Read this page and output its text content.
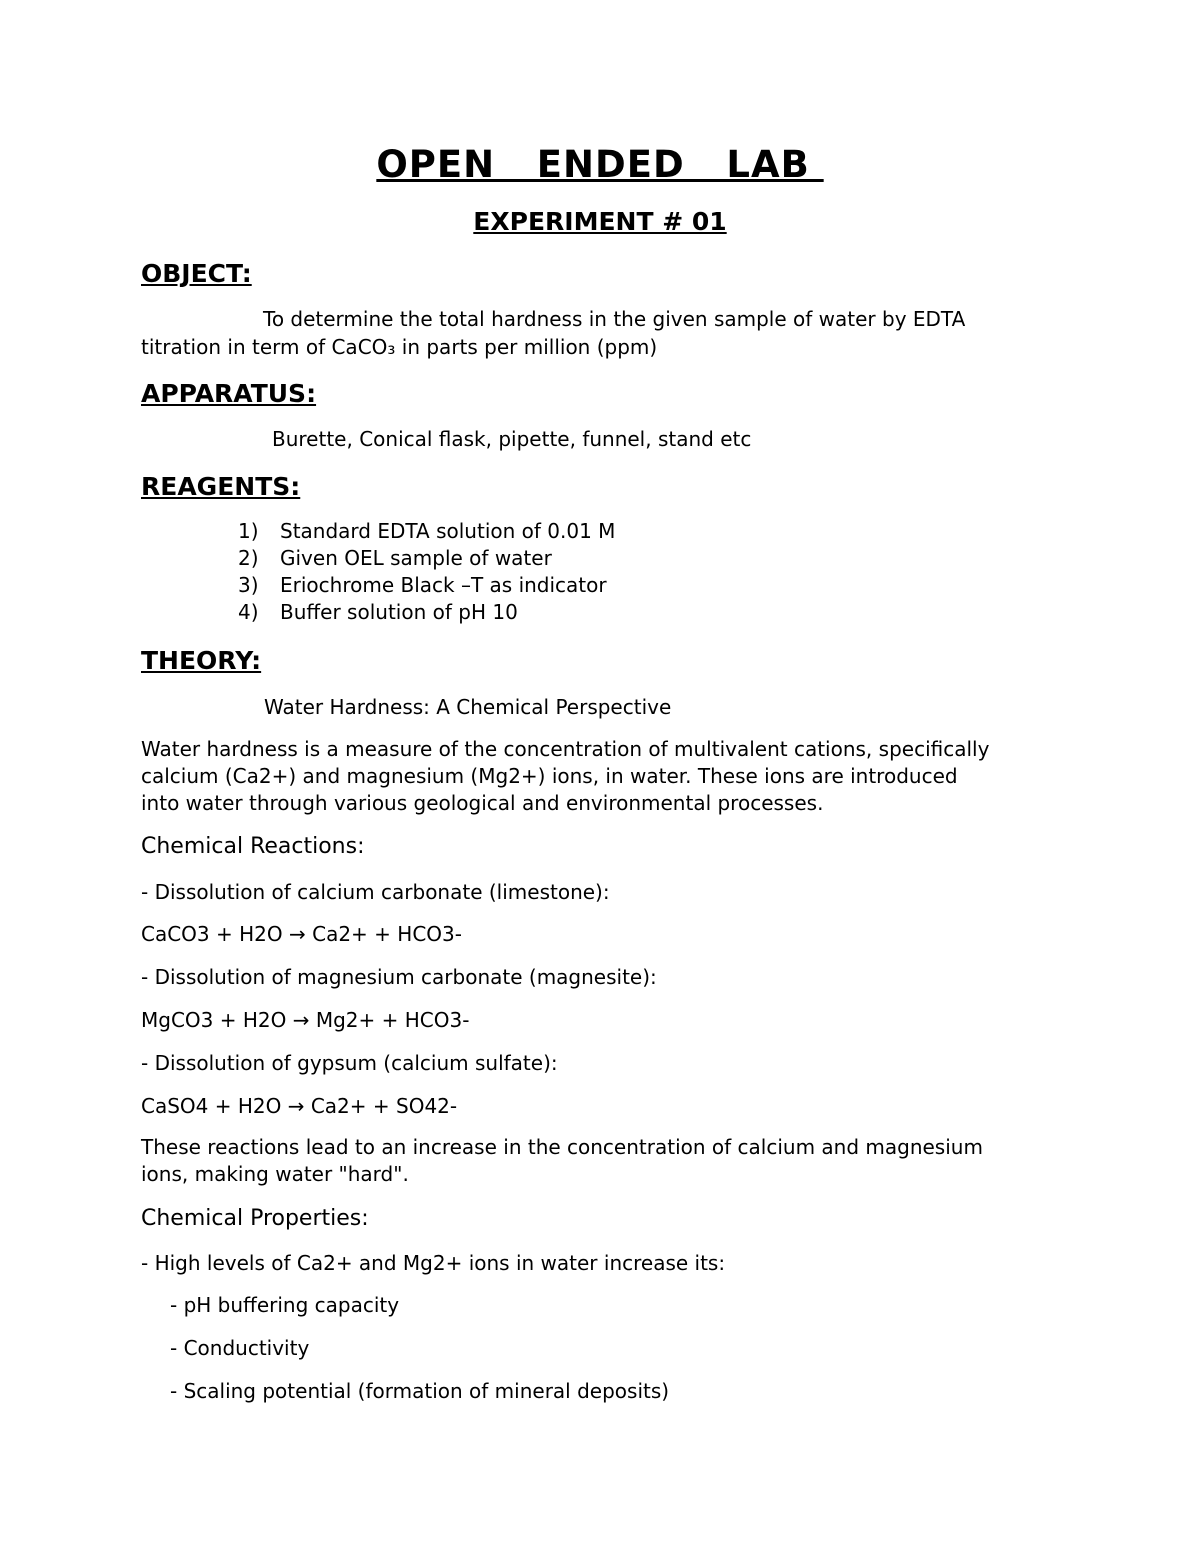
OPEN   ENDED   LAB
EXPERIMENT # 01
OBJECT:
To determine the total hardness in the given sample of water by EDTA
titration in term of CaCO₃ in parts per million (ppm)
APPARATUS:
Burette, Conical flask, pipette, funnel, stand etc
REAGENTS:
1)	Standard EDTA solution of 0.01 M
2)	Given OEL sample of water
3)	Eriochrome Black –T as indicator
4)	Buffer solution of pH 10
THEORY:
Water Hardness: A Chemical Perspective
Water hardness is a measure of the concentration of multivalent cations, specifically
calcium (Ca2+) and magnesium (Mg2+) ions, in water. These ions are introduced
into water through various geological and environmental processes.
Chemical Reactions:
- Dissolution of calcium carbonate (limestone):
CaCO3 + H2O → Ca2+ + HCO3-
- Dissolution of magnesium carbonate (magnesite):
MgCO3 + H2O → Mg2+ + HCO3-
- Dissolution of gypsum (calcium sulfate):
CaSO4 + H2O → Ca2+ + SO42-
These reactions lead to an increase in the concentration of calcium and magnesium
ions, making water "hard".
Chemical Properties:
- High levels of Ca2+ and Mg2+ ions in water increase its:
- pH buffering capacity
- Conductivity
- Scaling potential (formation of mineral deposits)
